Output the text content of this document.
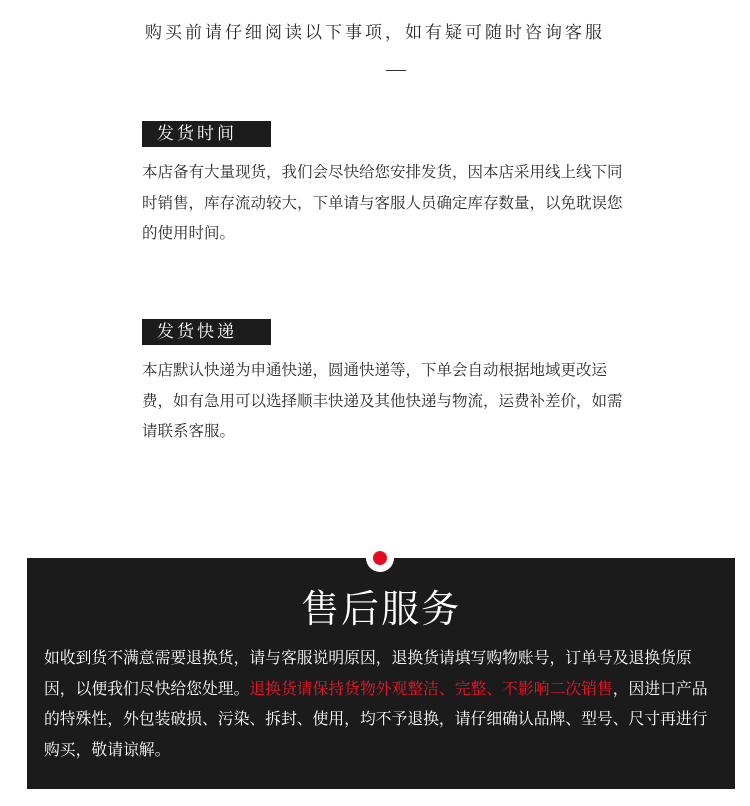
购买前请仔细阅读以下事项，如有疑可随时咨询客服
发货时间
本店备有大量现货，我们会尽快给您安排发货，因本店采用线上线下同时销售，库存流动较大，下单请与客服人员确定库存数量，以免耽误您的使用时间。
发货快递
本店默认快递为申通快递，圆通快递等，下单会自动根据地域更改运费，如有急用可以选择顺丰快递及其他快递与物流，运费补差价，如需请联系客服。
售后服务
如收到货不满意需要退换货，请与客服说明原因，退换货请填写购物账号，订单号及退换货原因，以便我们尽快给您处理。退换货请保持货物外观整洁、完整、不影响二次销售，因进口产品的特殊性，外包装破损、污染、拆封、使用，均不予退换，请仔细确认品牌、型号、尺寸再进行购买，敬请谅解。
